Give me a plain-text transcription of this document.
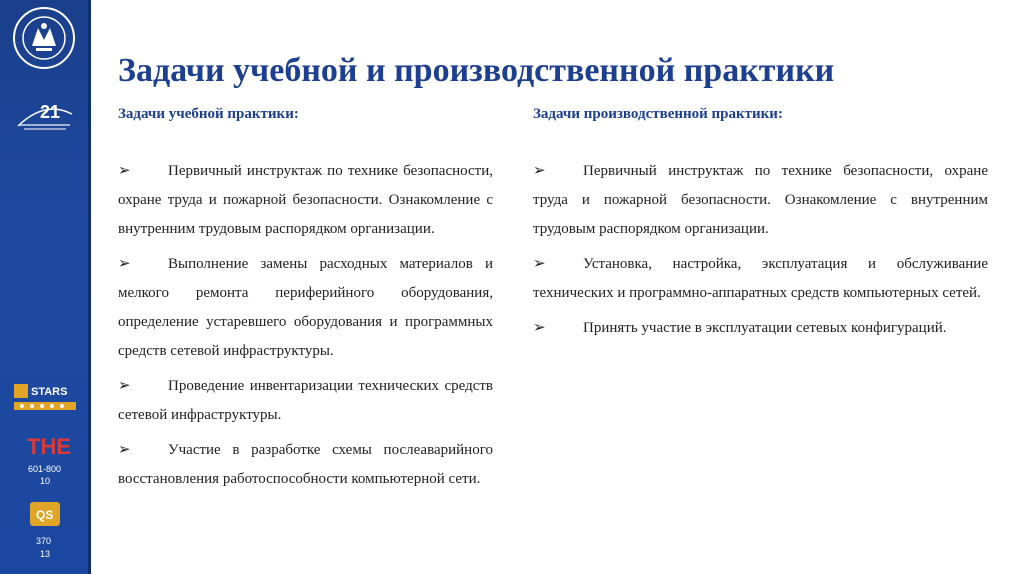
21
STARS
THE
601-800
10
QS
370
13
Задачи учебной и производственной практики

Задачи учебной практики:

➢ Первичный инструктаж по технике безопасности, охране труда и пожарной безопасности. Ознакомление с внутренним трудовым распорядком организации.

➢ Выполнение замены расходных материалов и мелкого ремонта периферийного оборудования, определение устаревшего оборудования и программных средств сетевой инфраструктуры.

➢ Проведение инвентаризации технических средств сетевой инфраструктуры.

➢ Участие в разработке схемы послеаварийного восстановления работоспособности компьютерной сети.

Задачи производственной практики:

➢ Первичный инструктаж по технике безопасности, охране труда и пожарной безопасности. Ознакомление с внутренним трудовым распорядком организации.

➢ Установка, настройка, эксплуатация и обслуживание технических и программно-аппаратных средств компьютерных сетей.

➢ Принять участие в эксплуатации сетевых конфигураций.
